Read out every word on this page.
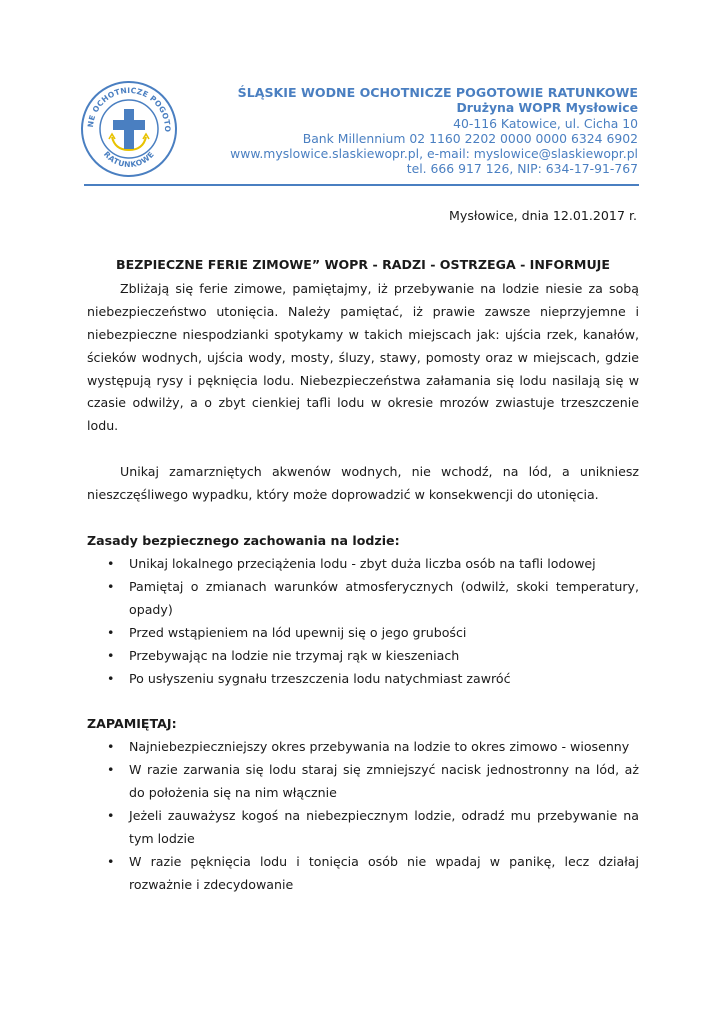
NE OCHOTNICZE POGOTO
RATUNKOWE
ŚLĄSKIE WODNE OCHOTNICZE POGOTOWIE RATUNKOWE
Drużyna WOPR Mysłowice
40-116 Katowice, ul. Cicha 10
Bank Millennium 02 1160 2202 0000 0000 6324 6902
www.myslowice.slaskiewopr.pl, e-mail: myslowice@slaskiewopr.pl
tel. 666 917 126, NIP: 634-17-91-767
Mysłowice, dnia 12.01.2017 r.

BEZPIECZNE FERIE ZIMOWE” WOPR - RADZI - OSTRZEGA - INFORMUJE

Zbliżają się ferie zimowe, pamiętajmy, iż przebywanie na lodzie niesie za sobą niebezpieczeństwo utonięcia. Należy pamiętać, iż prawie zawsze nieprzyjemne i niebezpieczne niespodzianki spotykamy w takich miejscach jak: ujścia rzek, kanałów, ścieków wodnych, ujścia wody, mosty, śluzy, stawy, pomosty oraz w miejscach, gdzie występują rysy i pęknięcia lodu. Niebezpieczeństwa załamania się lodu nasilają się w czasie odwilży, a o zbyt cienkiej tafli lodu w okresie mrozów zwiastuje trzeszczenie lodu.

Unikaj zamarzniętych akwenów wodnych, nie wchodź, na lód, a unikniesz nieszczęśliwego wypadku, który może doprowadzić w konsekwencji do utonięcia.

Zasady bezpiecznego zachowania na lodzie:

• Unikaj lokalnego przeciążenia lodu - zbyt duża liczba osób na tafli lodowej
• Pamiętaj o zmianach warunków atmosferycznych (odwilż, skoki temperatury, opady)
• Przed wstąpieniem na lód upewnij się o jego grubości
• Przebywając na lodzie nie trzymaj rąk w kieszeniach
• Po usłyszeniu sygnału trzeszczenia lodu natychmiast zawróć

ZAPAMIĘTAJ:

• Najniebezpieczniejszy okres przebywania na lodzie to okres zimowo - wiosenny
• W razie zarwania się lodu staraj się zmniejszyć nacisk jednostronny na lód, aż do położenia się na nim włącznie
• Jeżeli zauważysz kogoś na niebezpiecznym lodzie, odradź mu przebywanie na tym lodzie
• W razie pęknięcia lodu i tonięcia osób nie wpadaj w panikę, lecz działaj rozważnie i zdecydowanie
